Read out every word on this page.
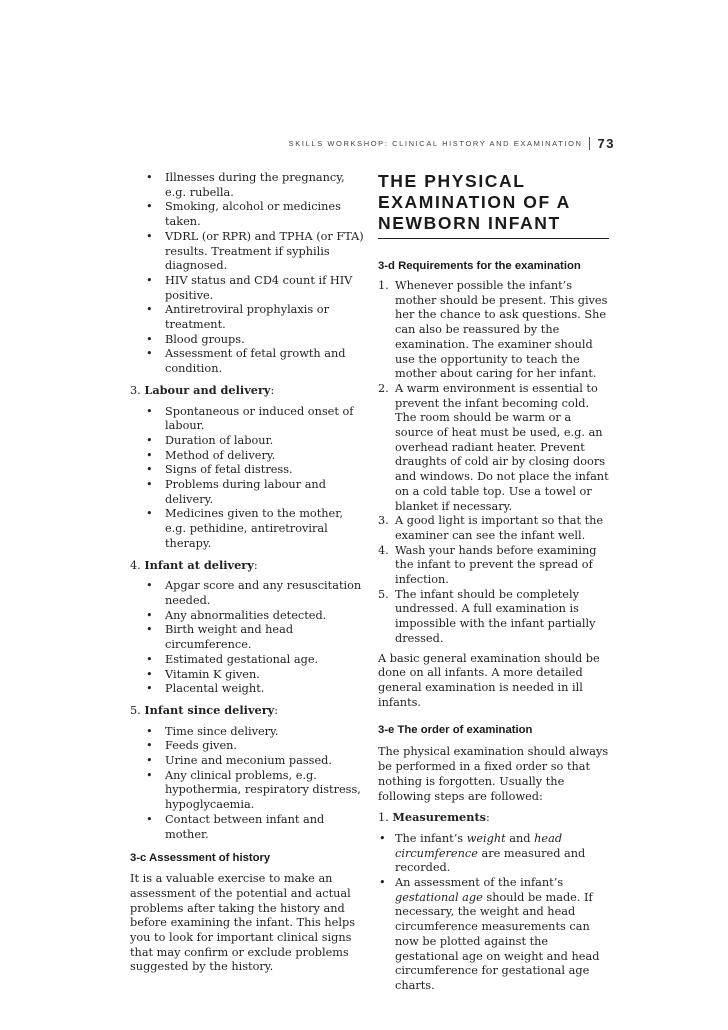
SKILLS WORKSHOP: CLINICAL HISTORY AND EXAMINATION 73
• Illnesses during the pregnancy, e.g. rubella.
• Smoking, alcohol or medicines taken.
• VDRL (or RPR) and TPHA (or FTA) results. Treatment if syphilis diagnosed.
• HIV status and CD4 count if HIV positive.
• Antiretroviral prophylaxis or treatment.
• Blood groups.
• Assessment of fetal growth and condition.

3. Labour and delivery:

• Spontaneous or induced onset of labour.
• Duration of labour.
• Method of delivery.
• Signs of fetal distress.
• Problems during labour and delivery.
• Medicines given to the mother, e.g. pethidine, antiretroviral therapy.

4. Infant at delivery:

• Apgar score and any resuscitation needed.
• Any abnormalities detected.
• Birth weight and head circumference.
• Estimated gestational age.
• Vitamin K given.
• Placental weight.

5. Infant since delivery:

• Time since delivery.
• Feeds given.
• Urine and meconium passed.
• Any clinical problems, e.g. hypothermia, respiratory distress, hypoglycaemia.
• Contact between infant and mother.

3-c Assessment of history

It is a valuable exercise to make an assessment of the potential and actual problems after taking the history and before examining the infant. This helps you to look for important clinical signs that may confirm or exclude problems suggested by the history.

THE PHYSICAL EXAMINATION OF A NEWBORN INFANT

3-d Requirements for the examination

1. Whenever possible the infant’s mother should be present. This gives her the chance to ask questions. She can also be reassured by the examination. The examiner should use the opportunity to teach the mother about caring for her infant.
2. A warm environment is essential to prevent the infant becoming cold. The room should be warm or a source of heat must be used, e.g. an overhead radiant heater. Prevent draughts of cold air by closing doors and windows. Do not place the infant on a cold table top. Use a towel or blanket if necessary.
3. A good light is important so that the examiner can see the infant well.
4. Wash your hands before examining the infant to prevent the spread of infection.
5. The infant should be completely undressed. A full examination is impossible with the infant partially dressed.

A basic general examination should be done on all infants. A more detailed general examination is needed in ill infants.

3-e The order of examination

The physical examination should always be performed in a fixed order so that nothing is forgotten. Usually the following steps are followed:

1. Measurements:

• The infant’s weight and head circumference are measured and recorded.
• An assessment of the infant’s gestational age should be made. If necessary, the weight and head circumference measurements can now be plotted against the gestational age on weight and head circumference for gestational age charts.
